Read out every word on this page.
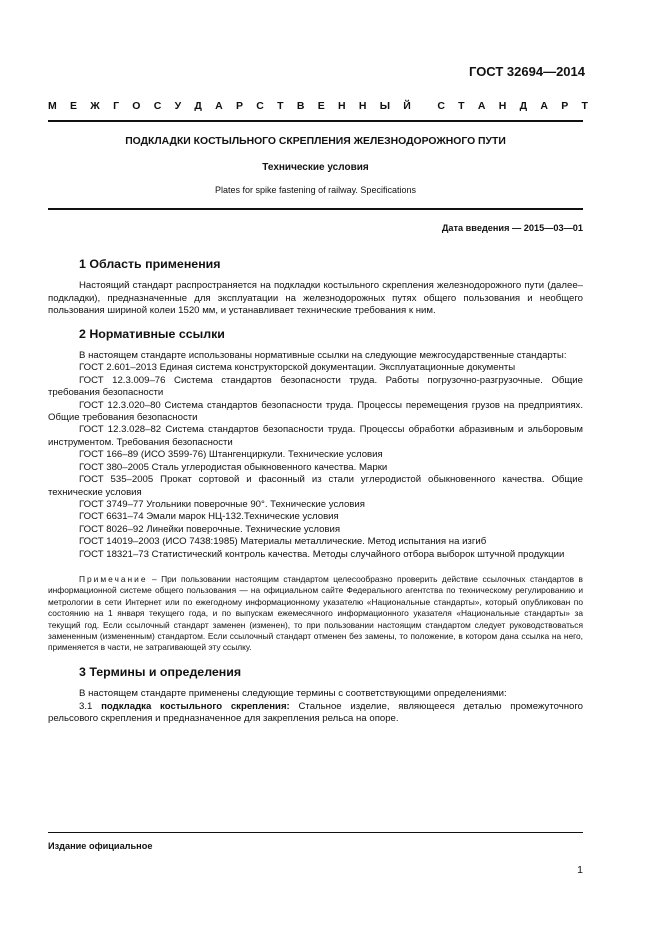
ГОСТ 32694—2014
М Е Ж Г О С У Д А Р С Т В Е Н Н Ы Й	С Т А Н Д А Р Т
ПОДКЛАДКИ КОСТЫЛЬНОГО СКРЕПЛЕНИЯ ЖЕЛЕЗНОДОРОЖНОГО ПУТИ
Технические условия
Plates for spike fastening of railway. Specifications
Дата введения — 2015—03—01
1 Область применения

Настоящий стандарт распространяется на подкладки костыльного скрепления железнодорожного пути (далее–подкладки), предназначенные для эксплуатации на железнодорожных путях общего пользования и необщего пользования шириной колеи 1520 мм, и устанавливает технические требования к ним.

2 Нормативные ссылки

В настоящем стандарте использованы нормативные ссылки на следующие межгосударственные стандарты:

ГОСТ 2.601–2013 Единая система конструкторской документации. Эксплуатационные документы
ГОСТ 12.3.009–76 Система стандартов безопасности труда. Работы погрузочно-разгрузочные. Общие требования безопасности
ГОСТ 12.3.020–80 Система стандартов безопасности труда. Процессы перемещения грузов на предприятиях. Общие требования безопасности
ГОСТ 12.3.028–82 Система стандартов безопасности труда. Процессы обработки абразивным и эльборовым инструментом. Требования безопасности
ГОСТ 166–89 (ИСО 3599-76) Штангенциркули. Технические условия
ГОСТ 380–2005 Сталь углеродистая обыкновенного качества. Марки
ГОСТ 535–2005 Прокат сортовой и фасонный из стали углеродистой обыкновенного качества. Общие технические условия
ГОСТ 3749–77 Угольники поверочные 90°. Технические условия
ГОСТ 6631–74 Эмали марок НЦ-132.Технические условия
ГОСТ 8026–92 Линейки поверочные. Технические условия
ГОСТ 14019–2003 (ИСО 7438:1985) Материалы металлические. Метод испытания на изгиб
ГОСТ 18321–73 Статистический контроль качества. Методы случайного отбора выборок штучной продукции

Примечание – При пользовании настоящим стандартом целесообразно проверить действие ссылочных стандартов в информационной системе общего пользования — на официальном сайте Федерального агентства по техническому регулированию и метрологии в сети Интернет или по ежегодному информационному указателю «Национальные стандарты», который опубликован по состоянию на 1 января текущего года, и по выпускам ежемесячного информационного указателя «Национальные стандарты» за текущий год. Если ссылочный стандарт заменен (изменен), то при пользовании настоящим стандартом следует руководствоваться замененным (измененным) стандартом. Если ссылочный стандарт отменен без замены, то положение, в котором дана ссылка на него, применяется в части, не затрагивающей эту ссылку.

3 Термины и определения

В настоящем стандарте применены следующие термины с соответствующими определениями:

3.1 подкладка костыльного скрепления: Стальное изделие, являющееся деталью промежуточного рельсового скрепления и предназначенное для закрепления рельса на опоре.

Издание официальное
1
